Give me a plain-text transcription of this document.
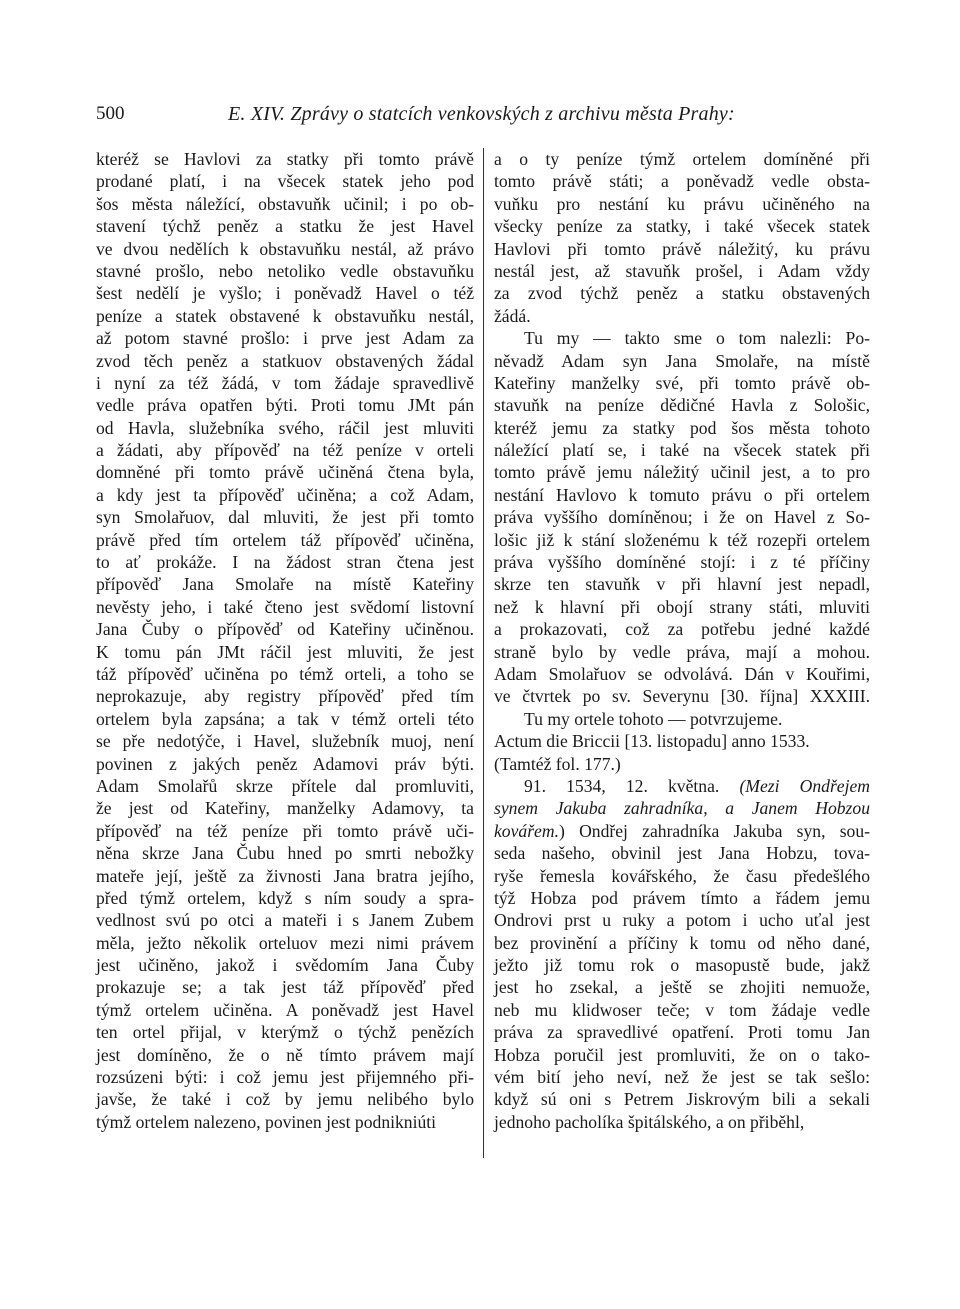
500	E. XIV. Zprávy o statcích venkovských z archivu města Prahy:
kteréž se Havlovi za statky při tomto právě
prodané platí, i na všecek statek jeho pod
šos města náležící, obstavuňk učinil; i po ob-
stavení týchž peněz a statku že jest Havel
ve dvou nedělích k obstavuňku nestál, až právo
stavné prošlo, nebo netoliko vedle obstavuňku
šest nedělí je vyšlo; i poněvadž Havel o též
peníze a statek obstavené k obstavuňku nestál,
až potom stavné prošlo: i prve jest Adam za
zvod těch peněz a statkuov obstavených žádal
i nyní za též žádá, v tom žádaje spravedlivě
vedle práva opatřen býti. Proti tomu JMt pán
od Havla, služebníka svého, ráčil jest mluviti
a žádati, aby přípověď na též peníze v orteli
domněné při tomto právě učiněná čtena byla,
a kdy jest ta přípověď učiněna; a což Adam,
syn Smolařuov, dal mluviti, že jest při tomto
právě před tím ortelem táž přípověď učiněna,
to ať prokáže. I na žádost stran čtena jest
přípověď Jana Smolaře na místě Kateřiny
nevěsty jeho, i také čteno jest svědomí listovní
Jana Čuby o přípověď od Kateřiny učiněnou.
K tomu pán JMt ráčil jest mluviti, že jest
táž přípověď učiněna po témž orteli, a toho se
neprokazuje, aby registry přípověď před tím
ortelem byla zapsána; a tak v témž orteli této
se pře nedotýče, i Havel, služebník muoj, není
povinen z jakých peněz Adamovi práv býti.
Adam Smolařů skrze přítele dal promluviti,
že jest od Kateřiny, manželky Adamovy, ta
přípověď na též peníze při tomto právě uči-
něna skrze Jana Čubu hned po smrti nebožky
mateře její, ještě za živnosti Jana bratra jejího,
před týmž ortelem, když s ním soudy a spra-
vedlnost svú po otci a mateři i s Janem Zubem
měla, ježto několik orteluov mezi nimi právem
jest učiněno, jakož i svědomím Jana Čuby
prokazuje se; a tak jest táž přípověď před
týmž ortelem učiněna. A poněvadž jest Havel
ten ortel přijal, v kterýmž o týchž penězích
jest domíněno, že o ně tímto právem mají
rozsúzeni býti: i což jemu jest přijemného při-
javše, že také i což by jemu nelibého bylo
týmž ortelem nalezeno, povinen jest podnikniúti
a o ty peníze týmž ortelem domíněné při
tomto právě státi; a poněvadž vedle obsta-
vuňku pro nestání ku právu učiněného na
všecky peníze za statky, i také všecek statek
Havlovi při tomto právě náležitý, ku právu
nestál jest, až stavuňk prošel, i Adam vždy
za zvod týchž peněz a statku obstavených
žádá.
Tu my — takto sme o tom nalezli: Po-
něvadž Adam syn Jana Smolaře, na místě
Kateřiny manželky své, při tomto právě ob-
stavuňk na peníze dědičné Havla z Sološic,
kteréž jemu za statky pod šos města tohoto
náležící platí se, i také na všecek statek při
tomto právě jemu náležitý učinil jest, a to pro
nestání Havlovo k tomuto právu o při ortelem
práva vyššího domíněnou; i že on Havel z So-
lošic již k stání složenému k též rozepři ortelem
práva vyššího domíněné stojí: i z té příčiny
skrze ten stavuňk v při hlavní jest nepadl,
než k hlavní při obojí strany státi, mluviti
a prokazovati, což za potřebu jedné každé
straně bylo by vedle práva, mají a mohou.
Adam Smolařuov se odvolává. Dán v Kouřimi,
ve čtvrtek po sv. Severynu [30. října] XXXIII.
Tu my ortele tohoto — potvrzujeme.
Actum die Briccii [13. listopadu] anno 1533.
(Tamtéž fol. 177.)
91. 1534, 12. května. (Mezi Ondřejem
synem Jakuba zahradníka, a Janem Hobzou
kovářem.) Ondřej zahradníka Jakuba syn, sou-
seda našeho, obvinil jest Jana Hobzu, tova-
ryše řemesla kovářského, že času předešlého
týž Hobza pod právem tímto a řádem jemu
Ondrovi prst u ruky a potom i ucho uťal jest
bez provinění a příčiny k tomu od něho dané,
ježto již tomu rok o masopustě bude, jakž
jest ho zsekal, a ještě se zhojiti nemuože,
neb mu klidwoser teče; v tom žádaje vedle
práva za spravedlivé opatření. Proti tomu Jan
Hobza poručil jest promluviti, že on o tako-
vém bití jeho neví, než že jest se tak sešlo:
když sú oni s Petrem Jiskrovým bili a sekali
jednoho pacholíka špitálského, a on přiběhl,
